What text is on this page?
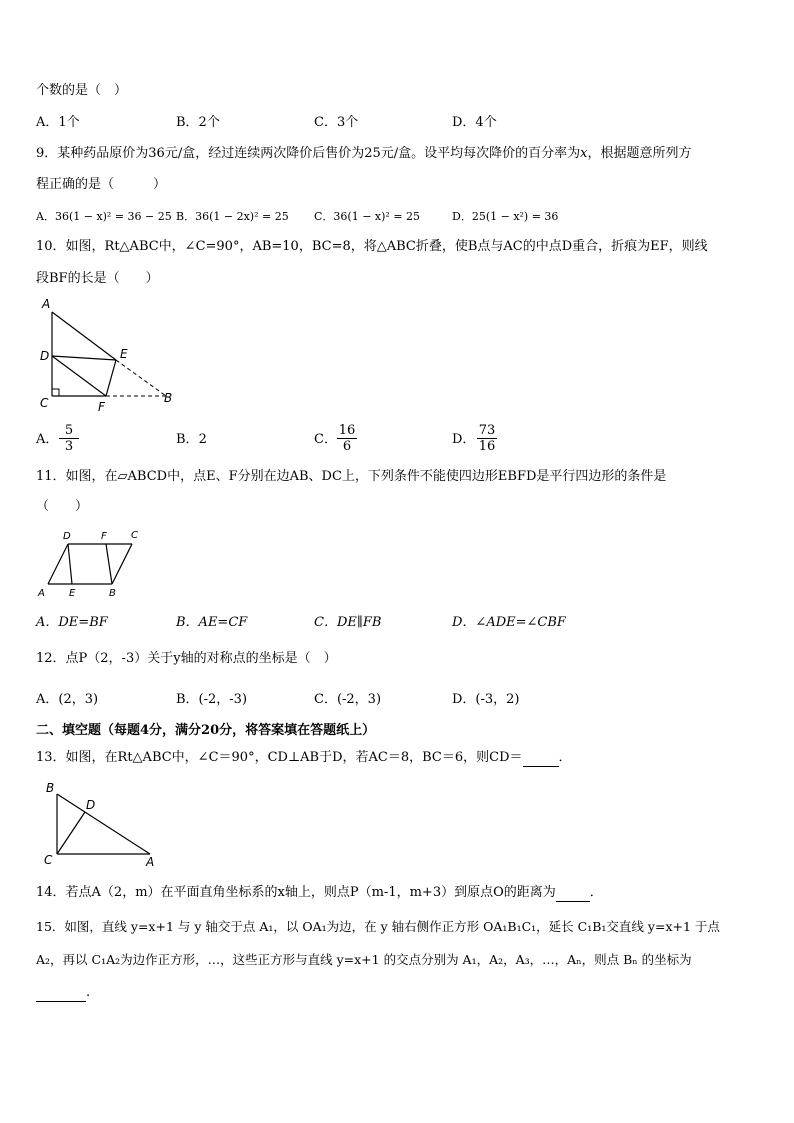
个数的是（　）
A．1个	B．2个	C．3个	D．4个
9．某种药品原价为36元/盒，经过连续两次降价后售价为25元/盒。设平均每次降价的百分率为x，根据题意所列方
程正确的是（　　　）
A．36(1 − x)² = 36 − 25 B．36(1 − 2x)² = 25 C．36(1 − x)² = 25	D．25(1 − x²) = 36
10．如图，Rt△ABC中，∠C=90°，AB=10，BC=8，将△ABC折叠，使B点与AC的中点D重合，折痕为EF，则线
段BF的长是（　　）
A
D	E
C	F
B
A． $\frac{5}{3}$	B．2	C． $\frac{16}{6}$	D． $\frac{73}{16}$
11．如图，在▱ABCD中，点E、F分别在边AB、DC上，下列条件不能使四边形EBFD是平行四边形的条件是
（　　）
D	F C
A E	B
A．DE=BF	B．AE=CF	C．DE∥FB	D．∠ADE=∠CBF
12．点P（2，-3）关于y轴的对称点的坐标是（　）
A．(2，3)	B．(-2，-3)	C．(-2，3)	D．(-3，2)
二、填空题（每题4分，满分20分，将答案填在答题纸上）
13．如图，在Rt△ABC中，∠C＝90°，CD⊥AB于D，若AC＝8，BC＝6，则CD＝	．
B
D
C	A
14．若点A（2，m）在平面直角坐标系的x轴上，则点P（m-1，m+3）到原点O的距离为	．
15．如图，直线 y=x+1 与 y 轴交于点 A₁，以 OA₁为边，在 y 轴右侧作正方形 OA₁B₁C₁，延长 C₁B₁交直线 y=x+1 于点
A₂，再以 C₁A₂为边作正方形，…，这些正方形与直线 y=x+1 的交点分别为 A₁，A₂，A₃，…，Aₙ，则点 Bₙ 的坐标为
.
